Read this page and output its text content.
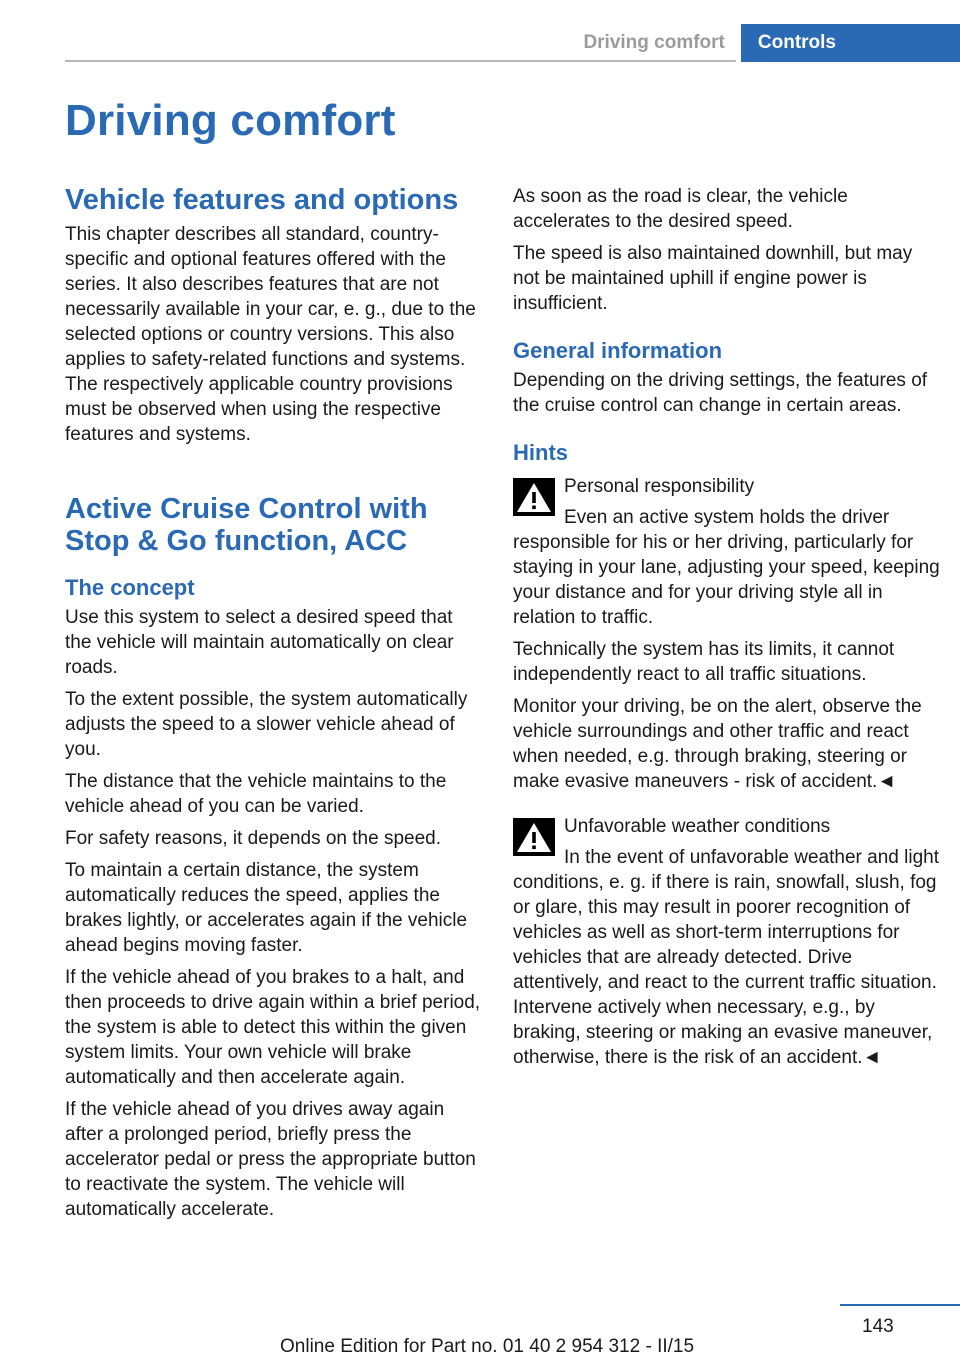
Driving comfort	Controls
Driving comfort
Vehicle features and options

This chapter describes all standard, country-specific and optional features offered with the series. It also describes features that are not necessarily available in your car, e. g., due to the selected options or country versions. This also applies to safety-related functions and systems. The respectively applicable country provisions must be observed when using the respective features and systems.

Active Cruise Control with Stop & Go function, ACC
The concept

Use this system to select a desired speed that the vehicle will maintain automatically on clear roads.

To the extent possible, the system automatically adjusts the speed to a slower vehicle ahead of you.

The distance that the vehicle maintains to the vehicle ahead of you can be varied.

For safety reasons, it depends on the speed.

To maintain a certain distance, the system automatically reduces the speed, applies the brakes lightly, or accelerates again if the vehicle ahead begins moving faster.

If the vehicle ahead of you brakes to a halt, and then proceeds to drive again within a brief period, the system is able to detect this within the given system limits. Your own vehicle will brake automatically and then accelerate again.

If the vehicle ahead of you drives away again after a prolonged period, briefly press the accelerator pedal or press the appropriate button to reactivate the system. The vehicle will automatically accelerate.

As soon as the road is clear, the vehicle accelerates to the desired speed.

The speed is also maintained downhill, but may not be maintained uphill if engine power is insufficient.

General information

Depending on the driving settings, the features of the cruise control can change in certain areas.

Hints

Personal responsibility

Even an active system holds the driver responsible for his or her driving, particularly for staying in your lane, adjusting your speed, keeping your distance and for your driving style all in relation to traffic.

Technically the system has its limits, it cannot independently react to all traffic situations.

Monitor your driving, be on the alert, observe the vehicle surroundings and other traffic and react when needed, e.g. through braking, steering or make evasive maneuvers - risk of accident.◄

Unfavorable weather conditions

In the event of unfavorable weather and light conditions, e. g. if there is rain, snowfall, slush, fog or glare, this may result in poorer recognition of vehicles as well as short-term interruptions for vehicles that are already detected. Drive attentively, and react to the current traffic situation. Intervene actively when necessary, e.g., by braking, steering or making an evasive maneuver, otherwise, there is the risk of an accident.◄

143
Online Edition for Part no. 01 40 2 954 312 - II/15
